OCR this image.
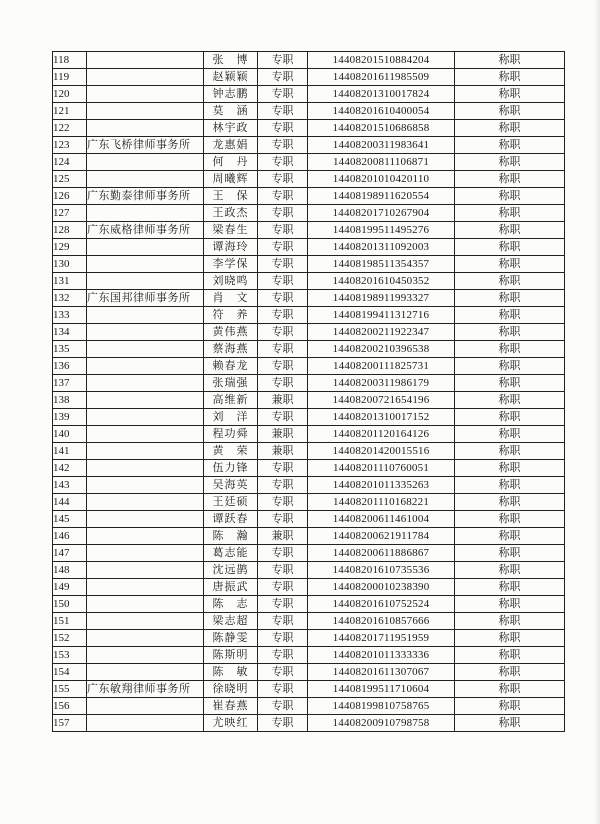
118		张　博	专职	14408201510884204	称职
119		赵颖颖	专职	14408201611985509	称职
120		钟志鹏	专职	14408201310017824	称职
121		莫　涵	专职	14408201610400054	称职
122		林宇政	专职	14408201510686858	称职
123	广东飞桥律师事务所	龙惠娟	专职	14408200311983641	称职
124		何　丹	专职	14408200811106871	称职
125		周曦辉	专职	14408201010420110	称职
126	广东勤泰律师事务所	王　保	专职	14408198911620554	称职
127		王政杰	专职	14408201710267904	称职
128	广东威格律师事务所	梁春生	专职	14408199511495276	称职
129		谭海玲	专职	14408201311092003	称职
130		李学保	专职	14408198511354357	称职
131		刘晓鸣	专职	14408201610450352	称职
132	广东国邦律师事务所	肖　文	专职	14408198911993327	称职
133		符　养	专职	14408199411312716	称职
134		黄伟燕	专职	14408200211922347	称职
135		蔡海燕	专职	14408200210396538	称职
136		赖春龙	专职	14408200111825731	称职
137		张瑞强	专职	14408200311986179	称职
138		高维新	兼职	14408200721654196	称职
139		刘　洋	专职	14408201310017152	称职
140		程功舜	兼职	14408201120164126	称职
141		黄　荣	兼职	14408201420015516	称职
142		伍力锋	专职	14408201110760051	称职
143		吴海英	专职	14408201011335263	称职
144		王廷硕	专职	14408201110168221	称职
145		谭跃春	专职	14408200611461004	称职
146		陈　瀚	兼职	14408200621911784	称职
147		葛志能	专职	14408200611886867	称职
148		沈远鹊	专职	14408201610735536	称职
149		唐振武	专职	14408200010238390	称职
150		陈　志	专职	14408201610752524	称职
151		梁志超	专职	14408201610857666	称职
152		陈静雯	专职	14408201711951959	称职
153		陈斯明	专职	14408201011333336	称职
154		陈　敏	专职	14408201611307067	称职
155	广东敏翔律师事务所	徐晓明	专职	14408199511710604	称职
156		崔春燕	专职	14408199810758765	称职
157		尤映红	专职	14408200910798758	称职
